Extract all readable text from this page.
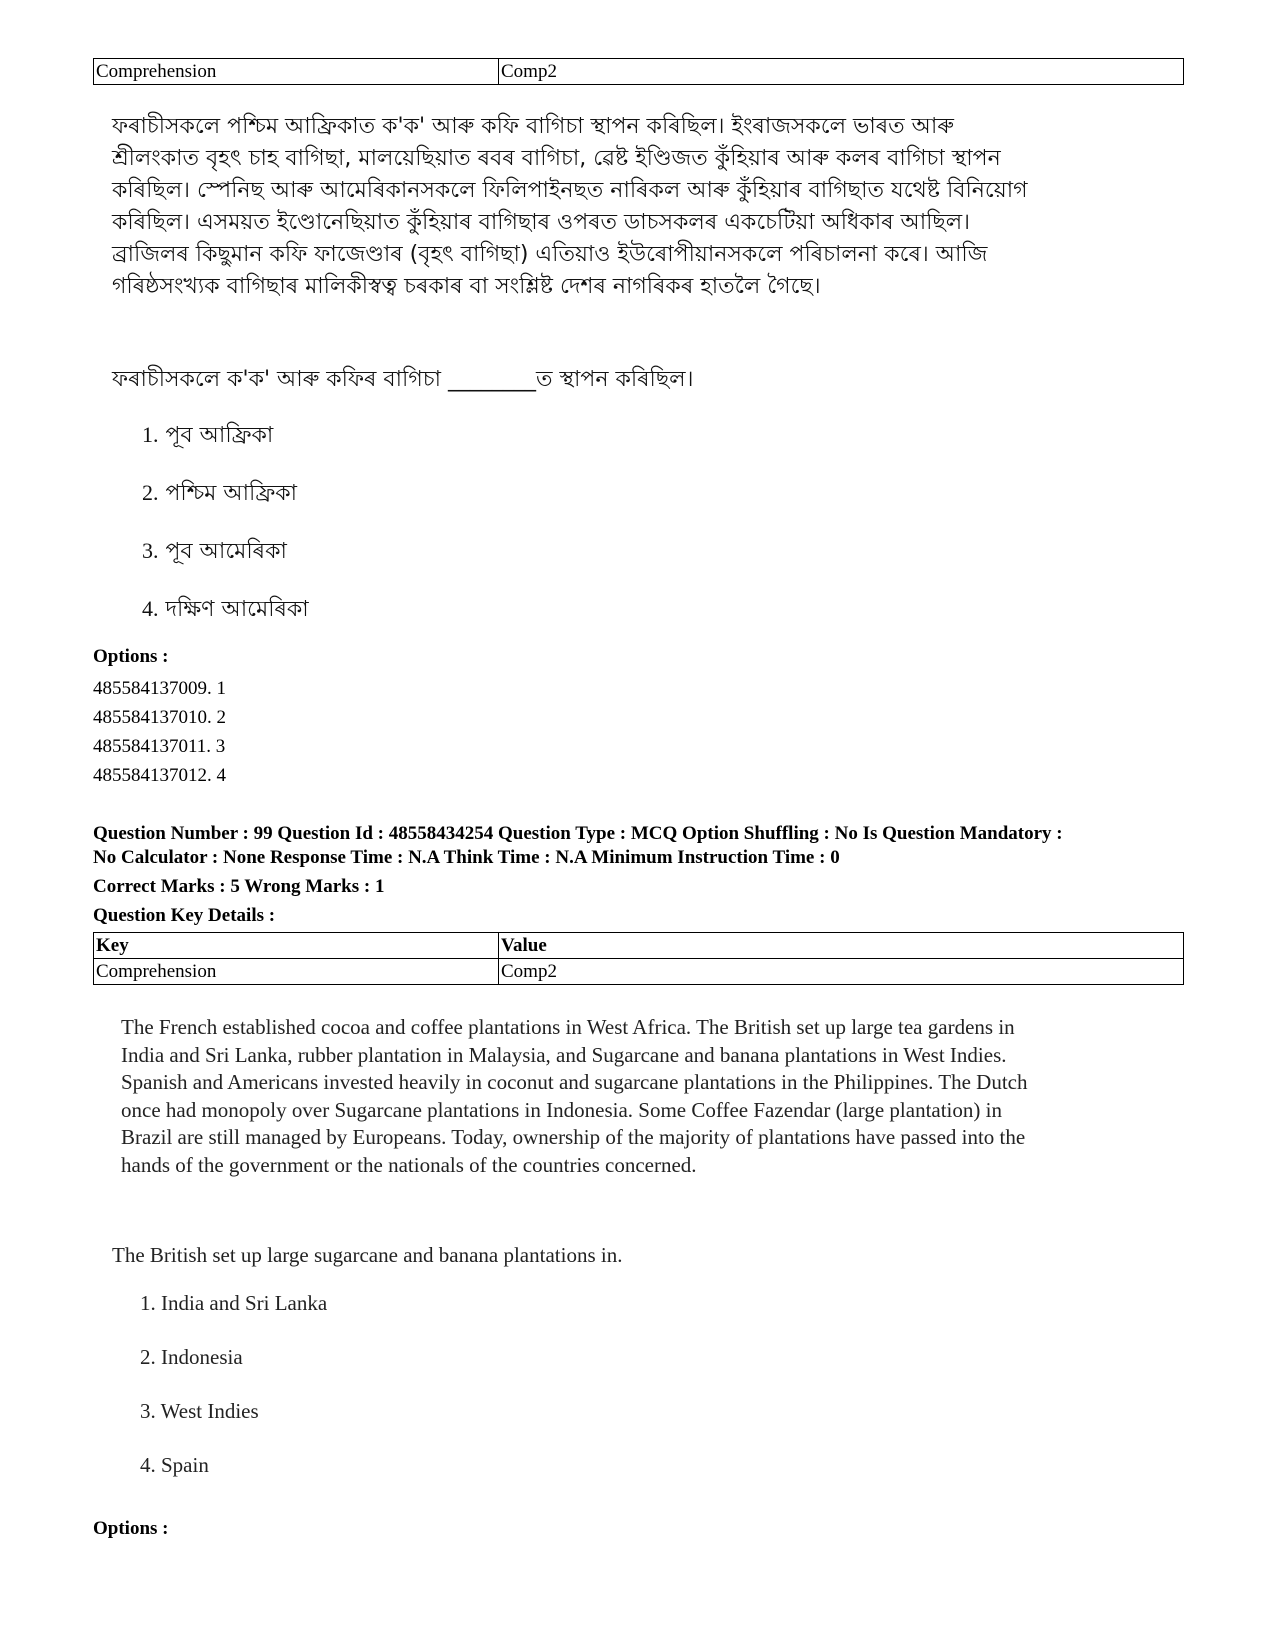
Comprehension	Comp2
ফৰাচীসকলে পশ্চিম আফ্ৰিকাত ক'ক' আৰু কফি বাগিচা স্থাপন কৰিছিল। ইংৰাজসকলে ভাৰত আৰু
শ্ৰীলংকাত বৃহৎ চাহ বাগিছা, মালয়েছিয়াত ৰবৰ বাগিচা, ৱেষ্ট ইণ্ডিজত কুঁহিয়াৰ আৰু কলৰ বাগিচা স্থাপন
কৰিছিল। স্পেনিছ আৰু আমেৰিকানসকলে ফিলিপাইনছত নাৰিকল আৰু কুঁহিয়াৰ বাগিছাত যথেষ্ট বিনিয়োগ
কৰিছিল। এসময়ত ইণ্ডোনেছিয়াত কুঁহিয়াৰ বাগিছাৰ ওপৰত ডাচসকলৰ একচেটিয়া অধিকাৰ আছিল।
ব্ৰাজিলৰ কিছুমান কফি ফাজেণ্ডাৰ (বৃহৎ বাগিছা) এতিয়াও ইউৰোপীয়ানসকলে পৰিচালনা কৰে। আজি
গৰিষ্ঠসংখ্যক বাগিছাৰ মালিকীস্বত্ব চৰকাৰ বা সংশ্লিষ্ট দেশৰ নাগৰিকৰ হাতলৈ গৈছে।
ফৰাচীসকলে ক'ক' আৰু কফিৰ বাগিচা ________ত স্থাপন কৰিছিল।
1. পূব আফ্ৰিকা
2. পশ্চিম আফ্ৰিকা
3. পূব আমেৰিকা
4. দক্ষিণ আমেৰিকা
Options :
485584137009. 1
485584137010. 2
485584137011. 3
485584137012. 4
Question Number : 99 Question Id : 48558434254 Question Type : MCQ Option Shuffling : No Is Question Mandatory :
No Calculator : None Response Time : N.A Think Time : N.A Minimum Instruction Time : 0
Correct Marks : 5 Wrong Marks : 1
Question Key Details :
Key	Value
Comprehension	Comp2
The French established cocoa and coffee plantations in West Africa. The British set up large tea gardens in
India and Sri Lanka, rubber plantation in Malaysia, and Sugarcane and banana plantations in West Indies.
Spanish and Americans invested heavily in coconut and sugarcane plantations in the Philippines. The Dutch
once had monopoly over Sugarcane plantations in Indonesia. Some Coffee Fazendar (large plantation) in
Brazil are still managed by Europeans. Today, ownership of the majority of plantations have passed into the
hands of the government or the nationals of the countries concerned.
The British set up large sugarcane and banana plantations in.
1. India and Sri Lanka
2. Indonesia
3. West Indies
4. Spain
Options :
